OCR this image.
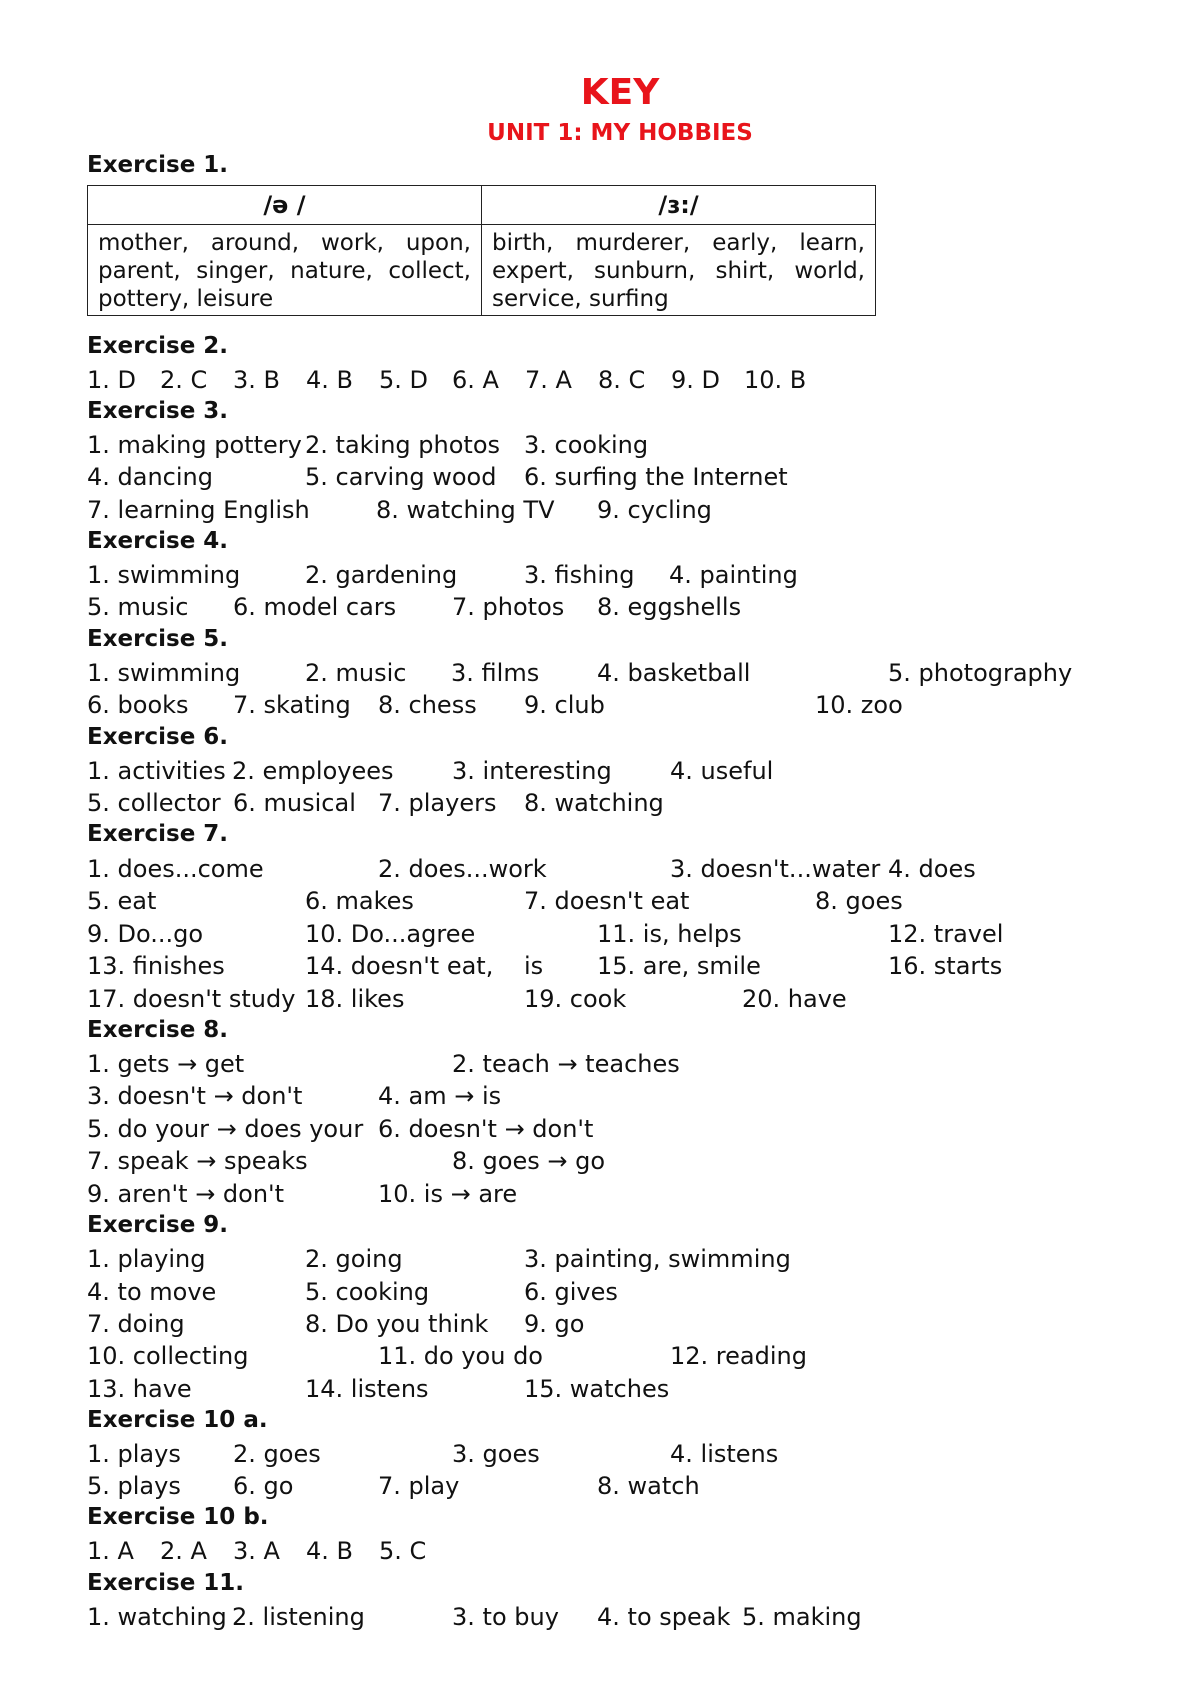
KEY
UNIT 1: MY HOBBIES
Exercise 1.
/ə /	/ɜ:/
mother, around, work, upon, parent, singer, nature, collect, pottery, leisure	birth, murderer, early, learn, expert, sunburn, shirt, world, service, surfing
Exercise 2.
1. D 2. C 3. B 4. B 5. D 6. A 7. A 8. C 9. D 10. B
Exercise 3.
1. making pottery 2. taking photos 3. cooking
4. dancing	5. carving wood 6. surfing the Internet
7. learning English	8. watching TV 9. cycling
Exercise 4.
1. swimming	2. gardening	3. fishing 4. painting
5. music 6. model cars 7. photos 8. eggshells
Exercise 5.
1. swimming	2. music 3. films 4. basketball	5. photography
6. books 7. skating 8. chess 9. club	10. zoo
Exercise 6.
1. activities 2. employees 3. interesting 4. useful
5. collector 6. musical 7. players 8. watching
Exercise 7.
1. does...come	2. does...work	3. doesn't...water 4. does
5. eat	6. makes	7. doesn't eat	8. goes
9. Do...go	10. Do...agree	11. is, helps	12. travel
13. finishes	14. doesn't eat, is 15. are, smile	16. starts
17. doesn't study 18. likes	19. cook	20. have
Exercise 8.
1. gets → get	2. teach → teaches
3. doesn't → don't	4. am → is
5. do your → does your 6. doesn't → don't
7. speak → speaks	8. goes → go
9. aren't → don't	10. is → are
Exercise 9.
1. playing	2. going	3. painting, swimming
4. to move	5. cooking	6. gives
7. doing	8. Do you think 9. go
10. collecting	11. do you do	12. reading
13. have	14. listens	15. watches
Exercise 10 a.
1. plays 2. goes	3. goes	4. listens
5. plays 6. go	7. play	8. watch
Exercise 10 b.
1. A 2. A 3. A 4. B 5. C
Exercise 11.
1. watching 2. listening	3. to buy 4. to speak 5. making
